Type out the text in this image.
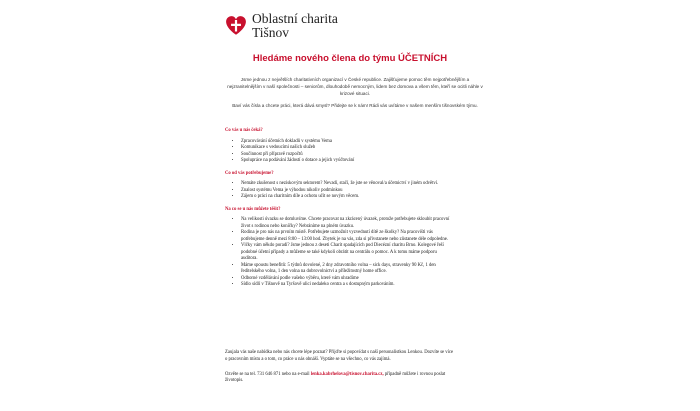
Oblastní charita
Tišnov
Hledáme nového člena do týmu ÚČETNÍCH

Jsme jednou z největších charitativních organizací v České republice. Zajišťujeme pomoc těm nejpotřebnějším a nejzranitelnějším v naší společnosti – seniorům, dlouhodobě nemocným, lidem bez domova a všem těm, kteří se ocitli náhle v krizové situaci.

Baví vás čísla a chcete práci, která dává smysl? Přidejte se k nám! Rádi vás uvítáme v našem menším tišnovském týmu.

Co vás u nás čeká?
• Zpracovávání účetních dokladů v systému Vema
• Komunikace s vedoucími našich služeb
• Součinnost při přípravě rozpočtů
• Spolupráce na podávání žádostí o dotace a jejich vyúčtování
Co od vás potřebujeme?
• Nemáte zkušenost s neziskovým sektorem? Nevadí, stačí, že jste se věnoval/a účetnictví v jiném odvětví.
• Znalost systému Vema je výhodou nikoliv podmínkou
• Zájem o práci na charitním díle a ochotu učit se novým věcem.
Na co se u nás můžete těšit?
• Na velikosti úvazku se domluvíme. Chcete pracovat na zkrácený úvazek, protože potřebujete skloubit pracovní život s rodinou nebo koníčky? Nebráníme na plném úvazku.
• Rodina je pro nás na prvním místě. Potřebujete uzmožnit vyzvednutí dítě ze školky? Na pracovišti vás potřebujeme denně mezi 8:00 – 13:00 hod. Zbytek je na vás, zda si přivstanete nebo zůstanete déle odpoledne.
• Vlčky vám někdo poradí? Jsme jednou z deseti Charit spadajících pod Diecézní charitu Brno. Kolegové řeší podobné účetní případy a můžeme se také kdykoli obrátit na centrálu o pomoc. A k tomu máme podporu auditora.
• Máme spoustu benefitů: 5 týdnů dovolené, 2 dny zdravotního volna – sick days, stravenky 90 Kč, 1 den ředitelského volna, 1 den volna na dobrovolnictví a příležitostný home office.
• Odborné vzdělávání podle vašeho výběru, které vám uhradíme
• Sídlo sídlí v Tišnově na Tyršově ulici nedaleko centra a s dostupným parkováním.

Zaujala vás naše nabídka nebo nás chcete lépe poznat? Přijďte si popovídat s naší personalistkou Lenkou. Dozvíte se více o pracovním místu a o tom, co práce u nás obnáší. Vyptáte se na všechno, co vás zajímá.

Ozvěte se na tel. 731 646 871 nebo na e-mail lenka.kabrhelova@tisnov.charita.cz, případně můžete i rovnou poslat životopis.
